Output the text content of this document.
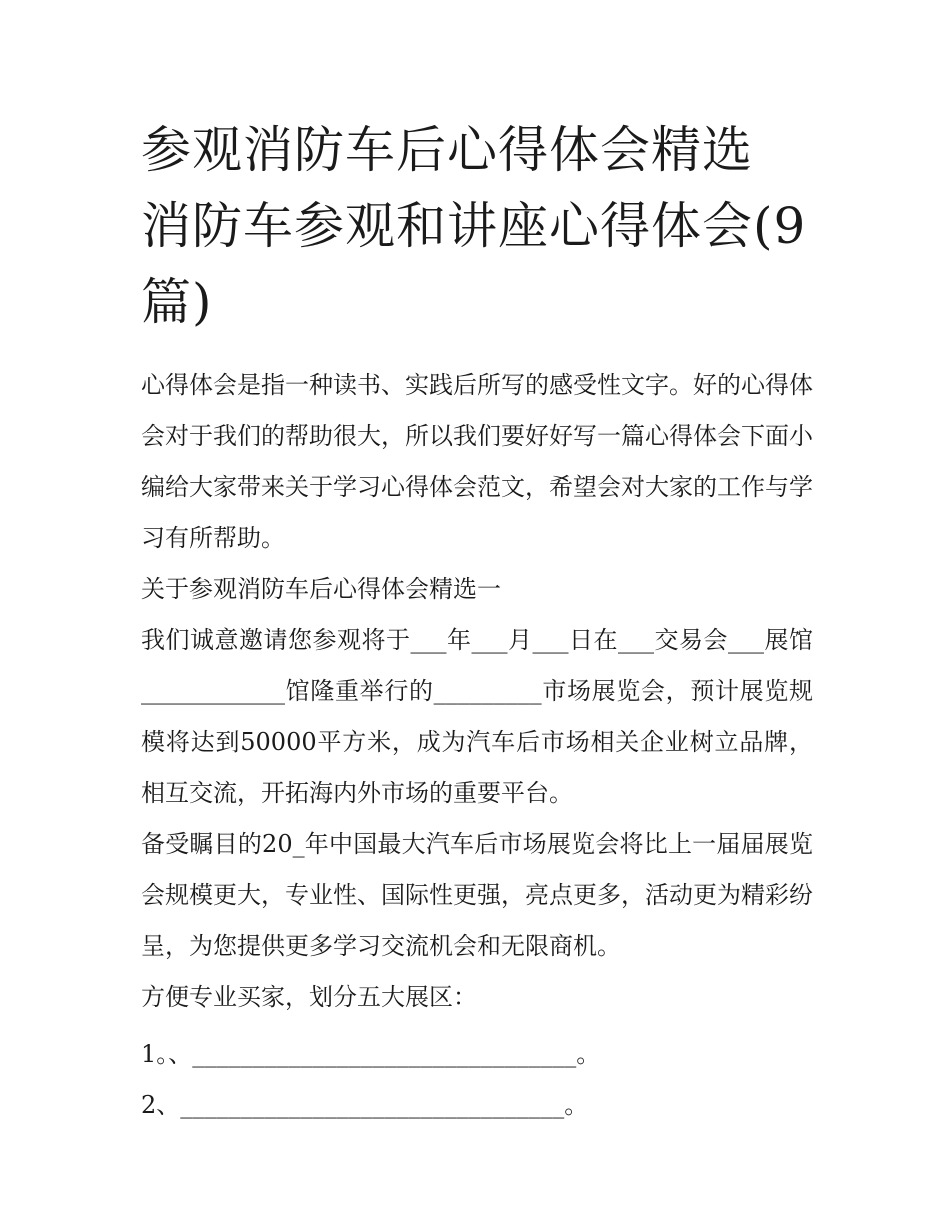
参观消防车后心得体会精选 消防车参观和讲座心得体会(9篇)

心得体会是指一种读书、实践后所写的感受性文字。好的心得体会对于我们的帮助很大，所以我们要好好写一篇心得体会下面小编给大家带来关于学习心得体会范文，希望会对大家的工作与学习有所帮助。

关于参观消防车后心得体会精选一

我们诚意邀请您参观将于___年___月___日在___交易会___展馆____________馆隆重举行的_________市场展览会，预计展览规模将达到50000平方米，成为汽车后市场相关企业树立品牌，相互交流，开拓海内外市场的重要平台。

备受瞩目的20_年中国最大汽车后市场展览会将比上一届届展览会规模更大，专业性、国际性更强，亮点更多，活动更为精彩纷呈，为您提供更多学习交流机会和无限商机。

方便专业买家，划分五大展区：

1。、________________________________。

2、________________________________。
